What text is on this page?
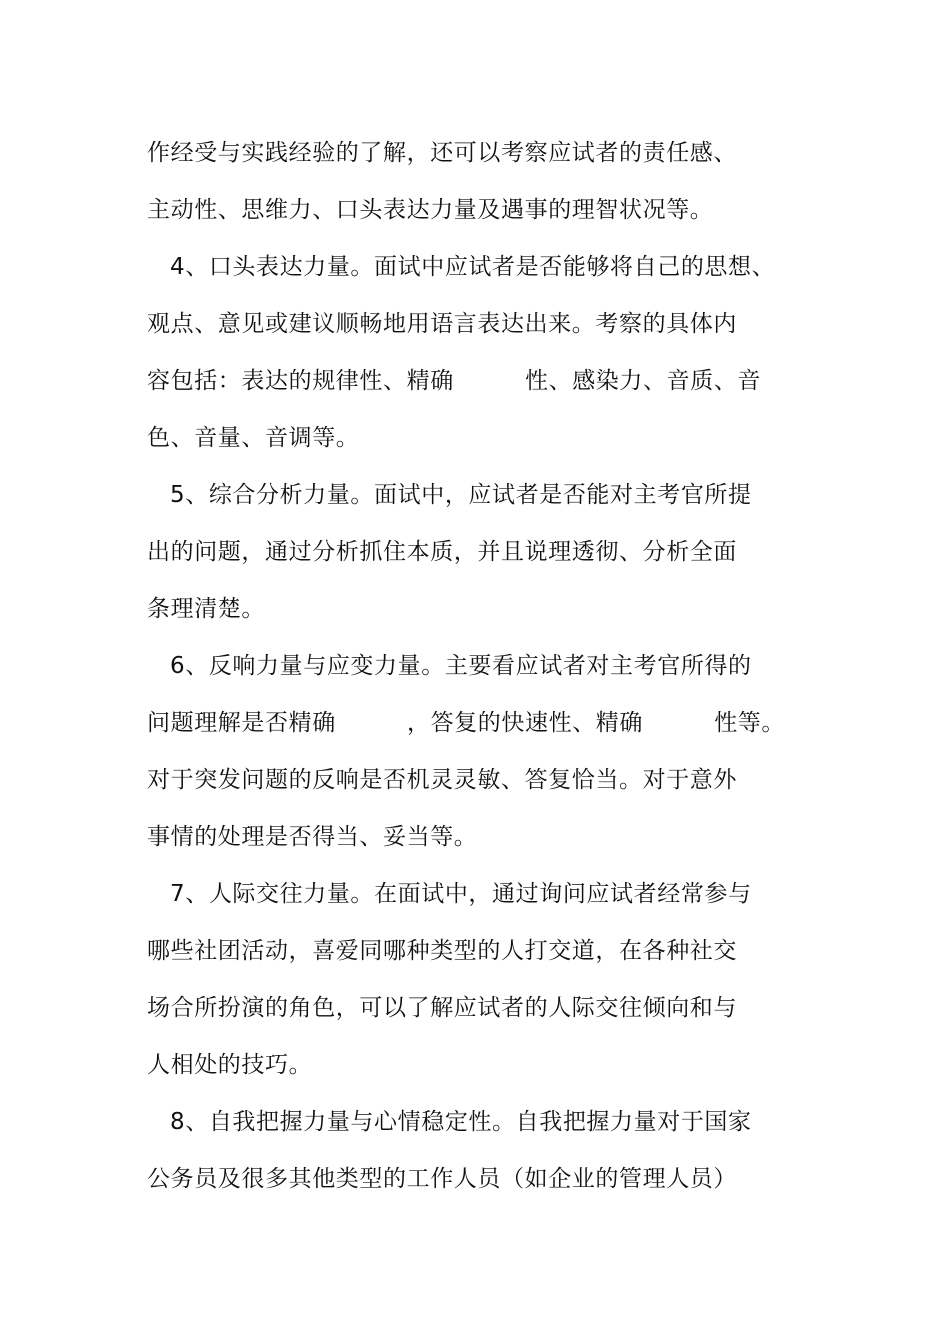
作经受与实践经验的了解，还可以考察应试者的责任感、
主动性、思维力、口头表达力量及遇事的理智状况等。
4、口头表达力量。面试中应试者是否能够将自己的思想、
观点、意见或建议顺畅地用语言表达出来。考察的具体内
容包括：表达的规律性、精确         性、感染力、音质、音
色、音量、音调等。
5、综合分析力量。面试中，应试者是否能对主考官所提
出的问题，通过分析抓住本质，并且说理透彻、分析全面
条理清楚。
6、反响力量与应变力量。主要看应试者对主考官所得的
问题理解是否精确         ，答复的快速性、精确         性等。
对于突发问题的反响是否机灵灵敏、答复恰当。对于意外
事情的处理是否得当、妥当等。
7、人际交往力量。在面试中，通过询问应试者经常参与
哪些社团活动，喜爱同哪种类型的人打交道，在各种社交
场合所扮演的角色，可以了解应试者的人际交往倾向和与
人相处的技巧。
8、自我把握力量与心情稳定性。自我把握力量对于国家
公务员及很多其他类型的工作人员（如企业的管理人员）
